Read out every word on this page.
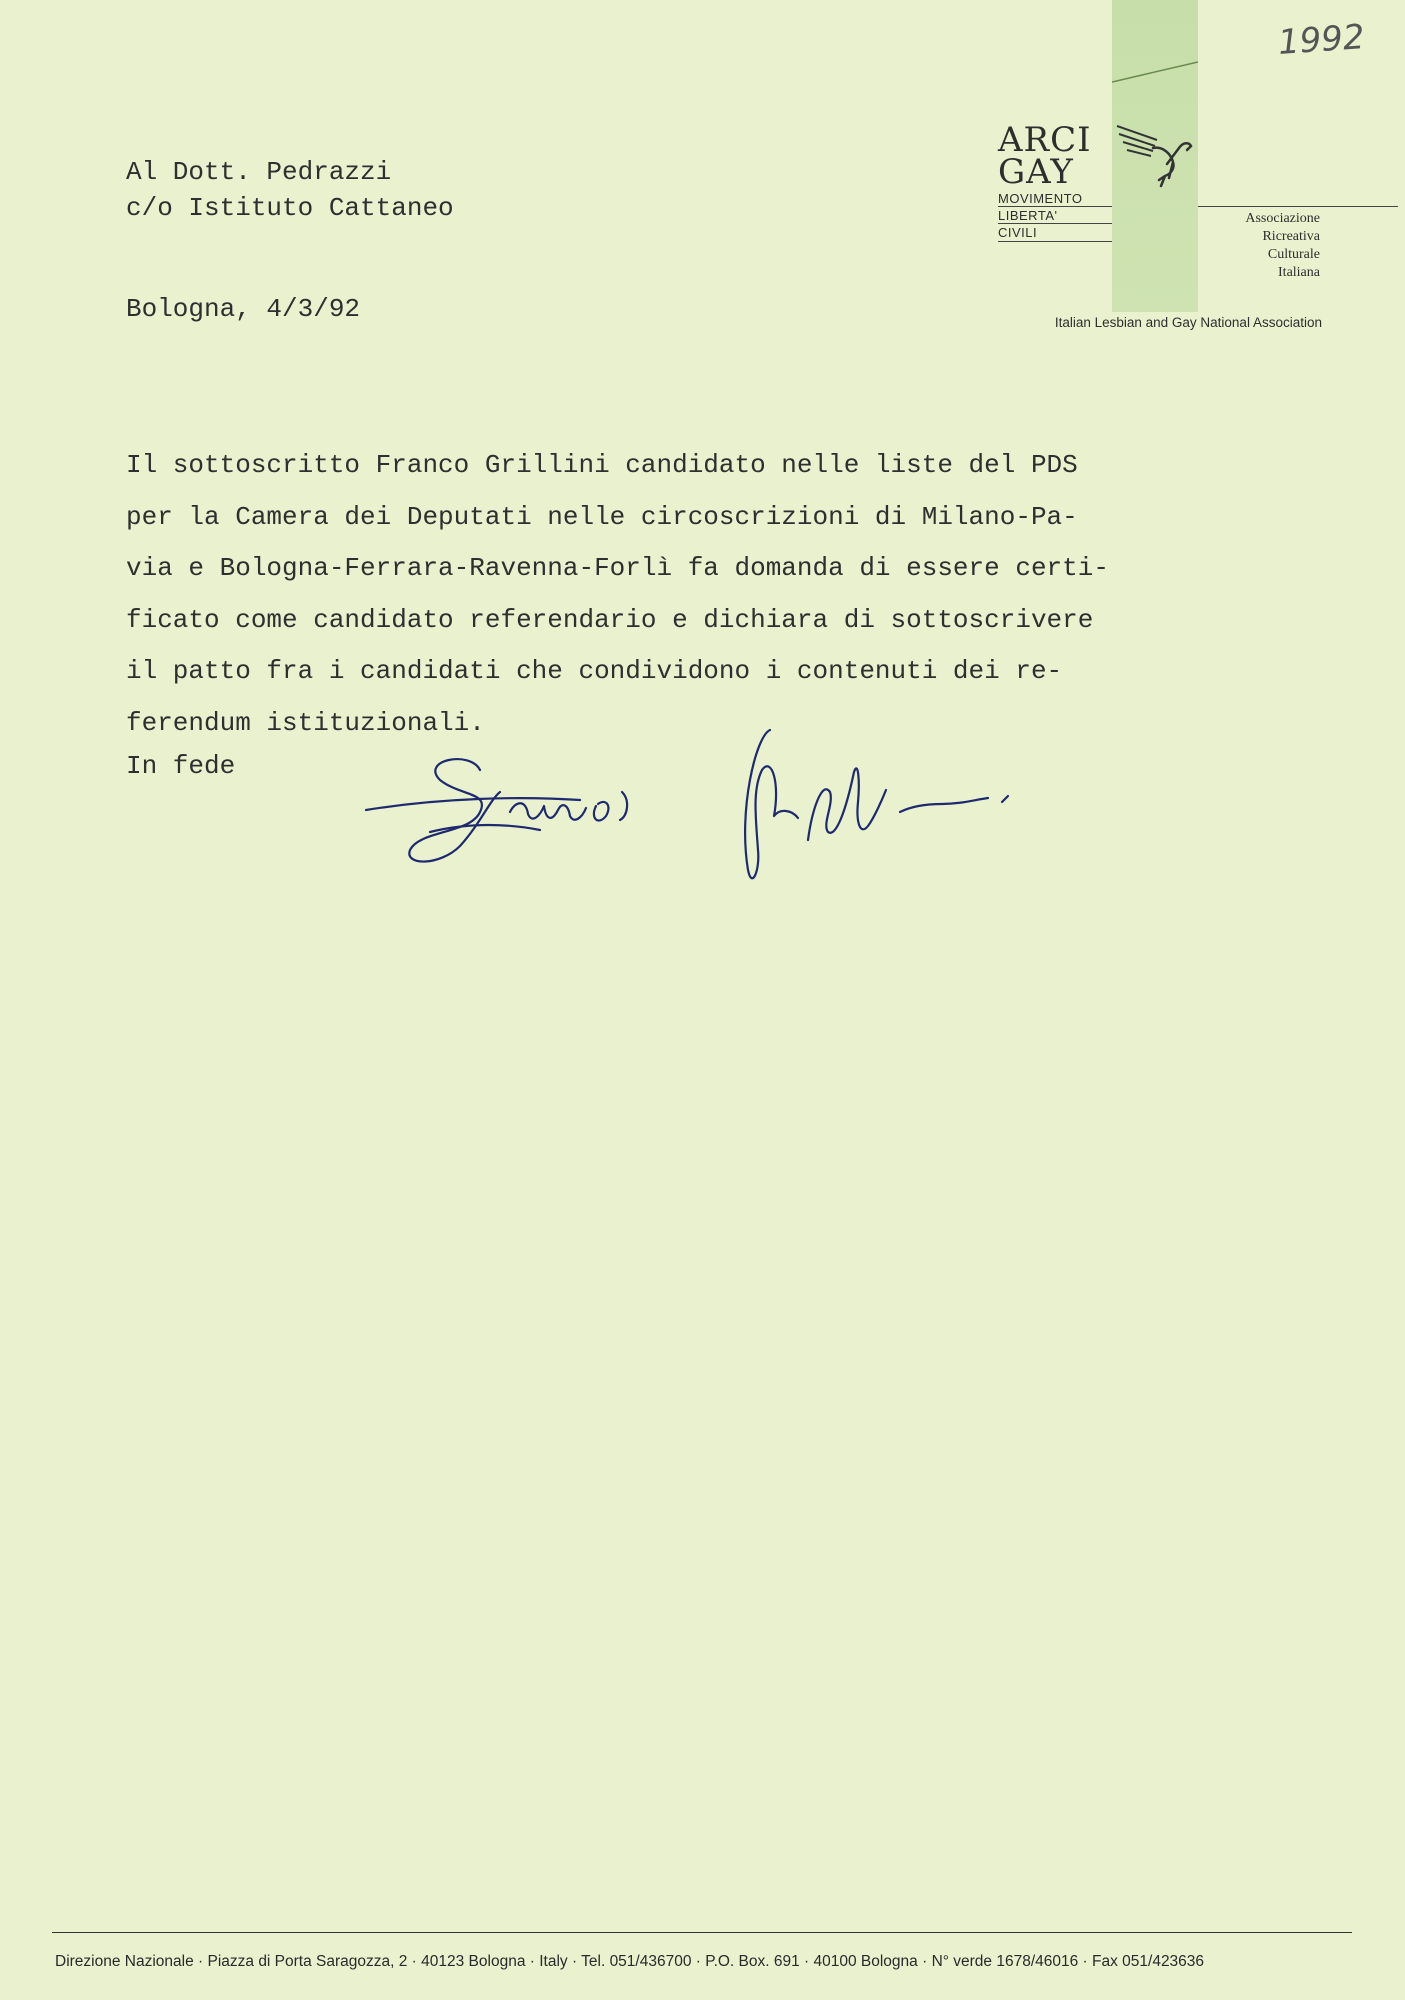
1992
ARCI
GAY
MOVIMENTO
LIBERTA'
CIVILI
Associazione
Ricreativa
Culturale
Italiana
Italian Lesbian and Gay National Association
Al Dott. Pedrazzi
c/o Istituto Cattaneo
Bologna, 4/3/92
Il sottoscritto Franco Grillini candidato nelle liste del PDS
per la Camera dei Deputati nelle circoscrizioni di Milano-Pa-
via e Bologna-Ferrara-Ravenna-Forlì fa domanda di essere certi-
ficato come candidato referendario e dichiara di sottoscrivere
il patto fra i candidati che condividono i contenuti dei re-
ferendum istituzionali.
In fede
Direzione Nazionale · Piazza di Porta Saragozza, 2 · 40123 Bologna · Italy · Tel. 051/436700 · P.O. Box. 691 · 40100 Bologna · N° verde 1678/46016 · Fax 051/423636
